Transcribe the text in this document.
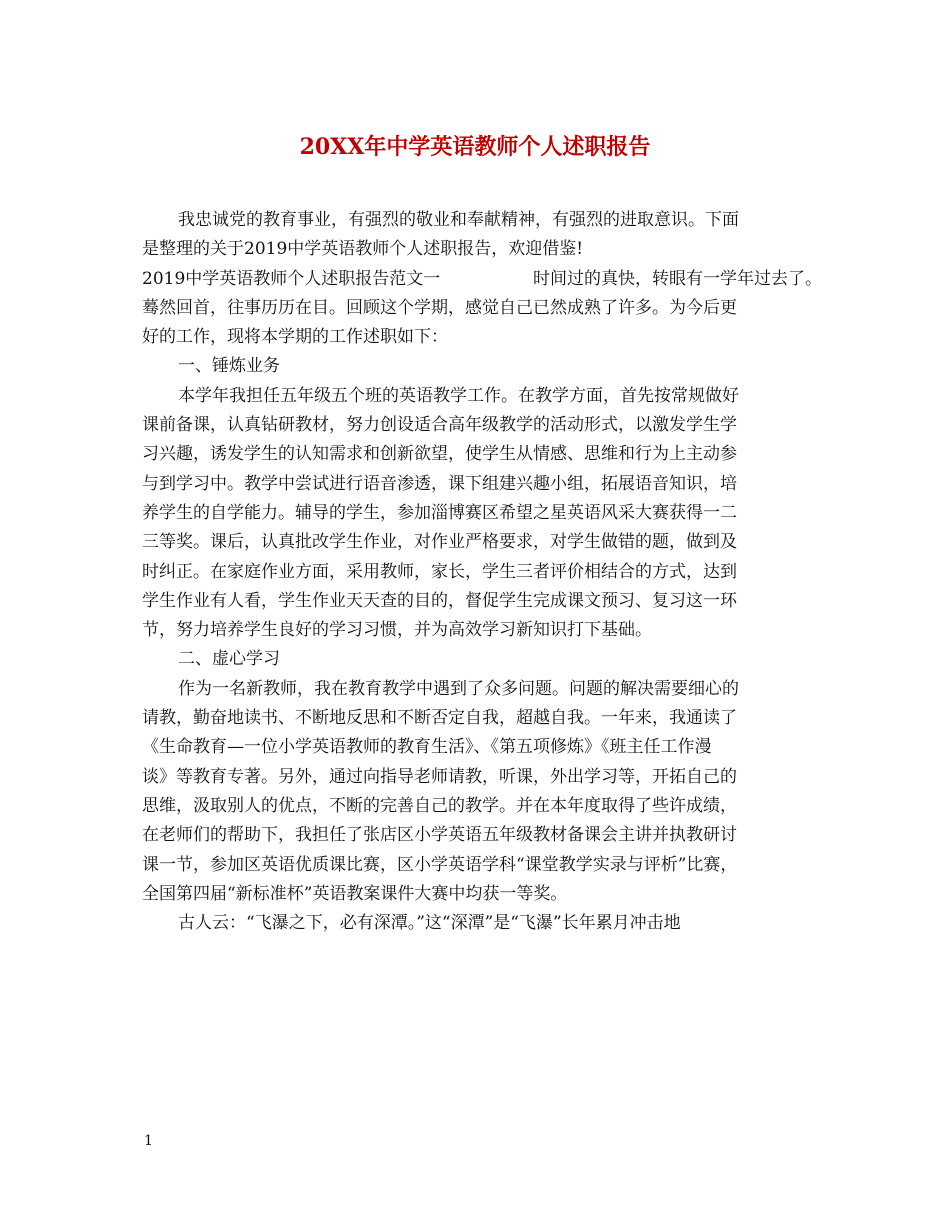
20XX年中学英语教师个人述职报告
我忠诚党的教育事业，有强烈的敬业和奉献精神，有强烈的进取意识。下面
是整理的关于2019中学英语教师个人述职报告，欢迎借鉴!
2019中学英语教师个人述职报告范文一	时间过的真快，转眼有一学年过去了。
蓦然回首，往事历历在目。回顾这个学期，感觉自己已然成熟了许多。为今后更
好的工作，现将本学期的工作述职如下：
一、锤炼业务
本学年我担任五年级五个班的英语教学工作。在教学方面，首先按常规做好
课前备课，认真钻研教材，努力创设适合高年级教学的活动形式，以激发学生学
习兴趣，诱发学生的认知需求和创新欲望，使学生从情感、思维和行为上主动参
与到学习中。教学中尝试进行语音渗透，课下组建兴趣小组，拓展语音知识，培
养学生的自学能力。辅导的学生，参加淄博赛区希望之星英语风采大赛获得一二
三等奖。课后，认真批改学生作业，对作业严格要求，对学生做错的题，做到及
时纠正。在家庭作业方面，采用教师，家长，学生三者评价相结合的方式，达到
学生作业有人看，学生作业天天查的目的，督促学生完成课文预习、复习这一环
节，努力培养学生良好的学习习惯，并为高效学习新知识打下基础。
二、虚心学习
作为一名新教师，我在教育教学中遇到了众多问题。问题的解决需要细心的
请教，勤奋地读书、不断地反思和不断否定自我，超越自我。一年来，我通读了
《生命教育—一位小学英语教师的教育生活》、《第五项修炼》《班主任工作漫
谈》等教育专著。另外，通过向指导老师请教，听课，外出学习等，开拓自己的
思维，汲取别人的优点，不断的完善自己的教学。并在本年度取得了些许成绩，
在老师们的帮助下，我担任了张店区小学英语五年级教材备课会主讲并执教研讨
课一节，参加区英语优质课比赛，区小学英语学科“课堂教学实录与评析”比赛，
全国第四届“新标准杯”英语教案课件大赛中均获一等奖。
古人云：“飞瀑之下，必有深潭。”这“深潭”是“飞瀑”长年累月冲击地
1
